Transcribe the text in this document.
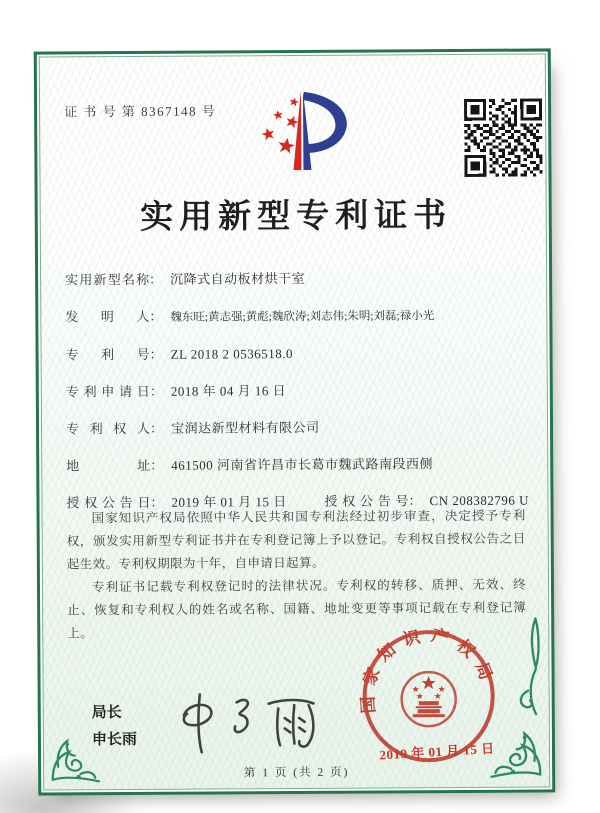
证 书 号 第 8367148 号
实用新型专利证书
实用新型名称： 沉降式自动板材烘干室
发明人： 魏东旺;黄志强;黄彪;魏欣涛;刘志伟;朱明;刘磊;禄小光
专利号： ZL 2018 2 0536518.0
专利申请日： 2018 年 04 月 16 日
专利权人： 宝润达新型材料有限公司
地址： 461500 河南省许昌市长葛市魏武路南段西侧
授权公告日： 2019 年 01 月 15 日	授权公告号： CN 208382796 U

国家知识产权局依照中华人民共和国专利法经过初步审查，决定授予专利权，颁发实用新型专利证书并在专利登记簿上予以登记。专利权自授权公告之日起生效。专利权期限为十年，自申请日起算。

专利证书记载专利权登记时的法律状况。专利权的转移、质押、无效、终止、恢复和专利权人的姓名或名称、国籍、地址变更等事项记载在专利登记簿上。

局长
申长雨
国家知识产权局
2019 年 01 月 15 日
第 1 页 (共 2 页)
